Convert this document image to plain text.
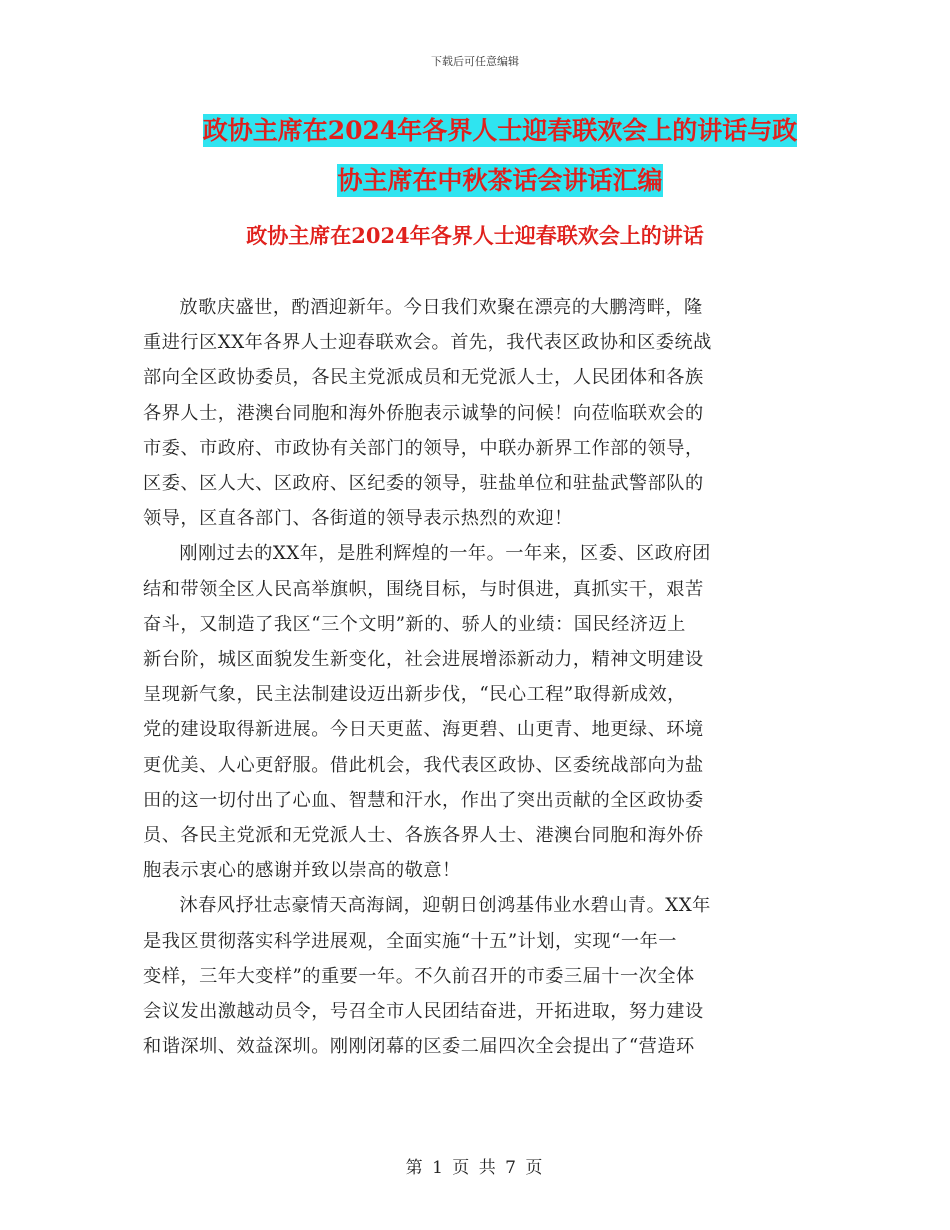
下载后可任意编辑
政协主席在2024年各界人士迎春联欢会上的讲话与政
协主席在中秋茶话会讲话汇编
政协主席在2024年各界人士迎春联欢会上的讲话

放歌庆盛世，酌酒迎新年。今日我们欢聚在漂亮的大鹏湾畔，隆
重进行区XX年各界人士迎春联欢会。首先，我代表区政协和区委统战
部向全区政协委员，各民主党派成员和无党派人士，人民团体和各族
各界人士，港澳台同胞和海外侨胞表示诚挚的问候！向莅临联欢会的
市委、市政府、市政协有关部门的领导，中联办新界工作部的领导，
区委、区人大、区政府、区纪委的领导，驻盐单位和驻盐武警部队的
领导，区直各部门、各街道的领导表示热烈的欢迎！

刚刚过去的XX年，是胜利辉煌的一年。一年来，区委、区政府团
结和带领全区人民高举旗帜，围绕目标，与时俱进，真抓实干，艰苦
奋斗，又制造了我区“三个文明”新的、骄人的业绩：国民经济迈上
新台阶，城区面貌发生新变化，社会进展增添新动力，精神文明建设
呈现新气象，民主法制建设迈出新步伐，“民心工程”取得新成效，
党的建设取得新进展。今日天更蓝、海更碧、山更青、地更绿、环境
更优美、人心更舒服。借此机会，我代表区政协、区委统战部向为盐
田的这一切付出了心血、智慧和汗水，作出了突出贡献的全区政协委
员、各民主党派和无党派人士、各族各界人士、港澳台同胞和海外侨
胞表示衷心的感谢并致以崇高的敬意！

沐春风抒壮志豪情天高海阔，迎朝日创鸿基伟业水碧山青。XX年
是我区贯彻落实科学进展观，全面实施“十五”计划，实现“一年一
变样，三年大变样”的重要一年。不久前召开的市委三届十一次全体
会议发出激越动员令，号召全市人民团结奋进，开拓进取，努力建设
和谐深圳、效益深圳。刚刚闭幕的区委二届四次全会提出了“营造环

第 1 页 共 7 页
